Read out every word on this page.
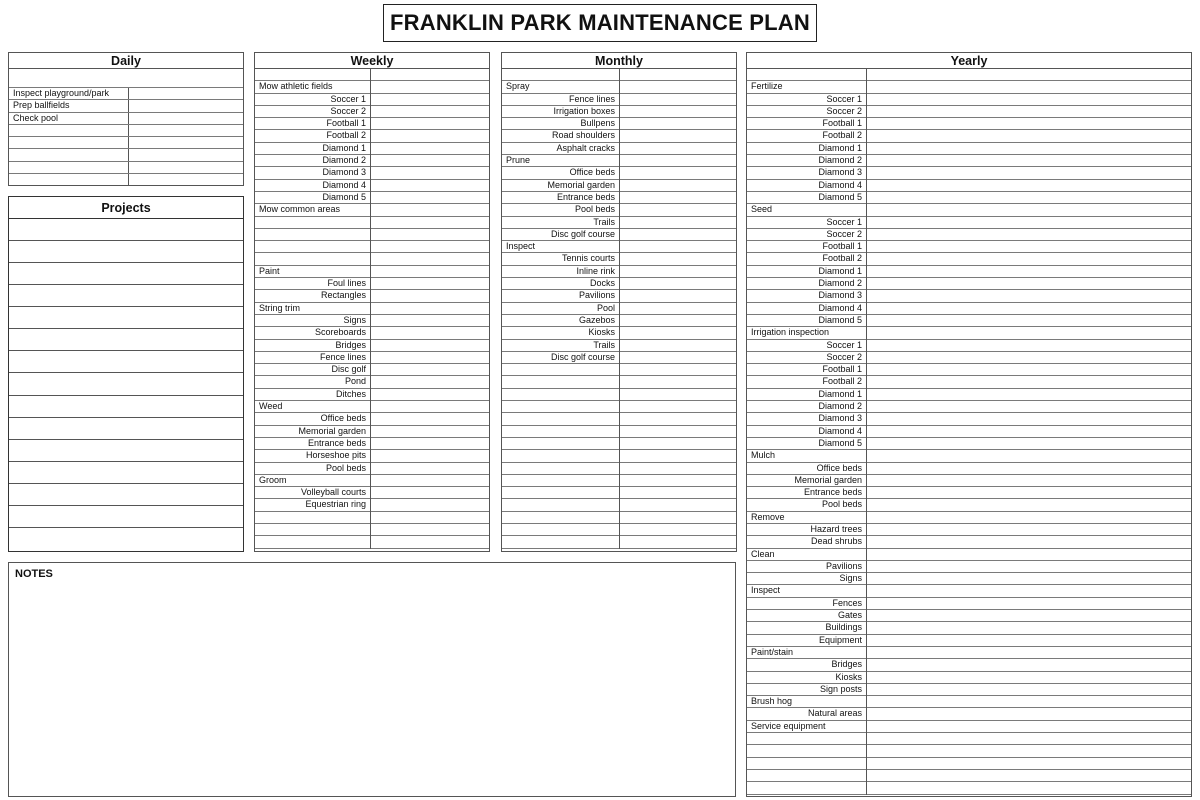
FRANKLIN PARK MAINTENANCE PLAN
Daily
Inspect playground/park
Prep ballfields
Check pool
Projects
Weekly
Mow athletic fields
Soccer 1
Soccer 2
Football 1
Football 2
Diamond 1
Diamond 2
Diamond 3
Diamond 4
Diamond 5
Mow common areas
Paint
Foul lines
Rectangles
String trim
Signs
Scoreboards
Bridges
Fence lines
Disc golf
Pond
Ditches
Weed
Office beds
Memorial garden
Entrance beds
Horseshoe pits
Pool beds
Groom
Volleyball courts
Equestrian ring
Monthly
Spray
Fence lines
Irrigation boxes
Bullpens
Road shoulders
Asphalt cracks
Prune
Office beds
Memorial garden
Entrance beds
Pool beds
Trails
Disc golf course
Inspect
Tennis courts
Inline rink
Docks
Pavilions
Pool
Gazebos
Kiosks
Trails
Disc golf course
Yearly
Fertilize
Soccer 1
Soccer 2
Football 1
Football 2
Diamond 1
Diamond 2
Diamond 3
Diamond 4
Diamond 5
Seed
Soccer 1
Soccer 2
Football 1
Football 2
Diamond 1
Diamond 2
Diamond 3
Diamond 4
Diamond 5
Irrigation inspection
Soccer 1
Soccer 2
Football 1
Football 2
Diamond 1
Diamond 2
Diamond 3
Diamond 4
Diamond 5
Mulch
Office beds
Memorial garden
Entrance beds
Pool beds
Remove
Hazard trees
Dead shrubs
Clean
Pavilions
Signs
Inspect
Fences
Gates
Buildings
Equipment
Paint/stain
Bridges
Kiosks
Sign posts
Brush hog
Natural areas
Service equipment
NOTES
